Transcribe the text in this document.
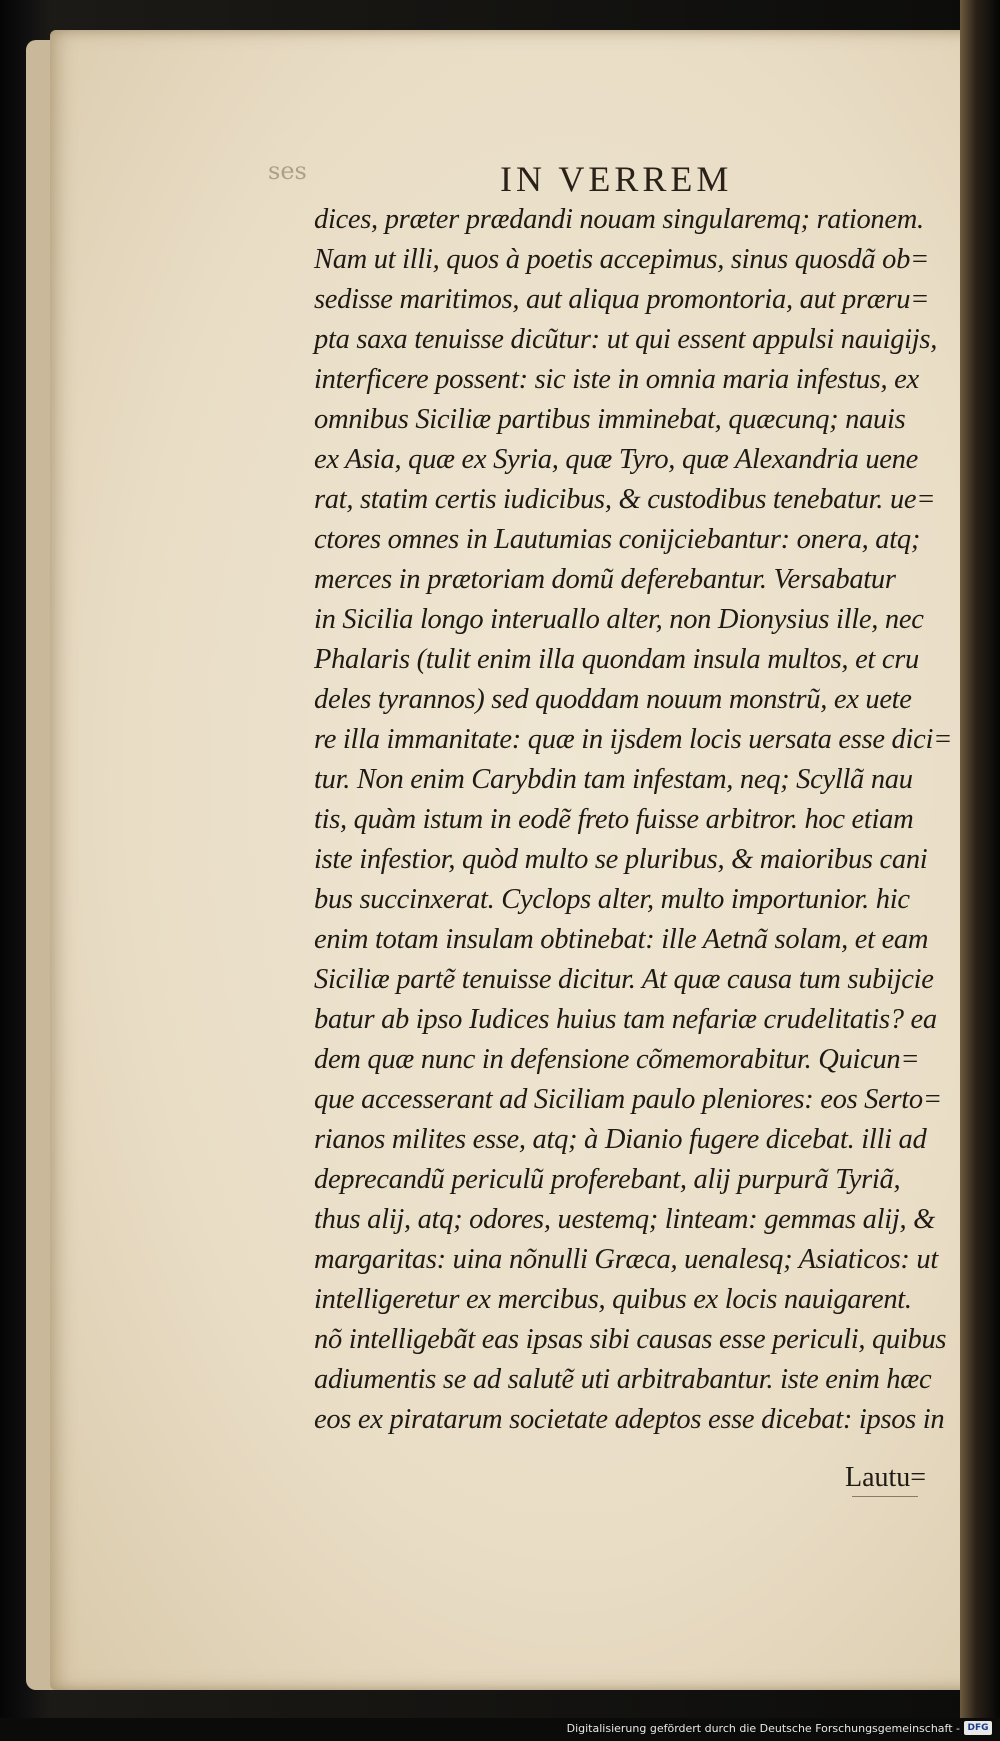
ses	IN VERREM
dices, præter prædandi nouam singularemq; rationem.
Nam ut illi, quos à poetis accepimus, sinus quosdã ob=
sedisse maritimos, aut aliqua promontoria, aut præru=
pta saxa tenuisse dicũtur: ut qui essent appulsi nauigijs,
interficere possent: sic iste in omnia maria infestus, ex
omnibus Siciliæ partibus imminebat, quæcunq; nauis
ex Asia, quæ ex Syria, quæ Tyro, quæ Alexandria uene
rat, statim certis iudicibus, & custodibus tenebatur. ue=
ctores omnes in Lautumias conijciebantur: onera, atq;
merces in prætoriam domũ deferebantur. Versabatur
in Sicilia longo interuallo alter, non Dionysius ille, nec
Phalaris (tulit enim illa quondam insula multos, et cru
deles tyrannos) sed quoddam nouum monstrũ, ex uete
re illa immanitate: quæ in ijsdem locis uersata esse dici=
tur. Non enim Carybdin tam infestam, neq; Scyllã nau
tis, quàm istum in eodẽ freto fuisse arbitror. hoc etiam
iste infestior, quòd multo se pluribus, & maioribus cani
bus succinxerat. Cyclops alter, multo importunior. hic
enim totam insulam obtinebat: ille Aetnã solam, et eam
Siciliæ partẽ tenuisse dicitur. At quæ causa tum subijcie
batur ab ipso Iudices huius tam nefariæ crudelitatis? ea
dem quæ nunc in defensione cõmemorabitur. Quicun=
que accesserant ad Siciliam paulo pleniores: eos Serto=
rianos milites esse, atq; à Dianio fugere dicebat. illi ad
deprecandũ periculũ proferebant, alij purpurã Tyriã,
thus alij, atq; odores, uestemq; linteam: gemmas alij, &
margaritas: uina nõnulli Græca, uenalesq; Asiaticos: ut
intelligeretur ex mercibus, quibus ex locis nauigarent.
nõ intelligebãt eas ipsas sibi causas esse periculi, quibus
adiumentis se ad salutẽ uti arbitrabantur. iste enim hæc
eos ex piratarum societate adeptos esse dicebat: ipsos in
Lautu=
Digitalisierung gefördert durch die Deutsche Forschungsgemeinschaft - DFG
